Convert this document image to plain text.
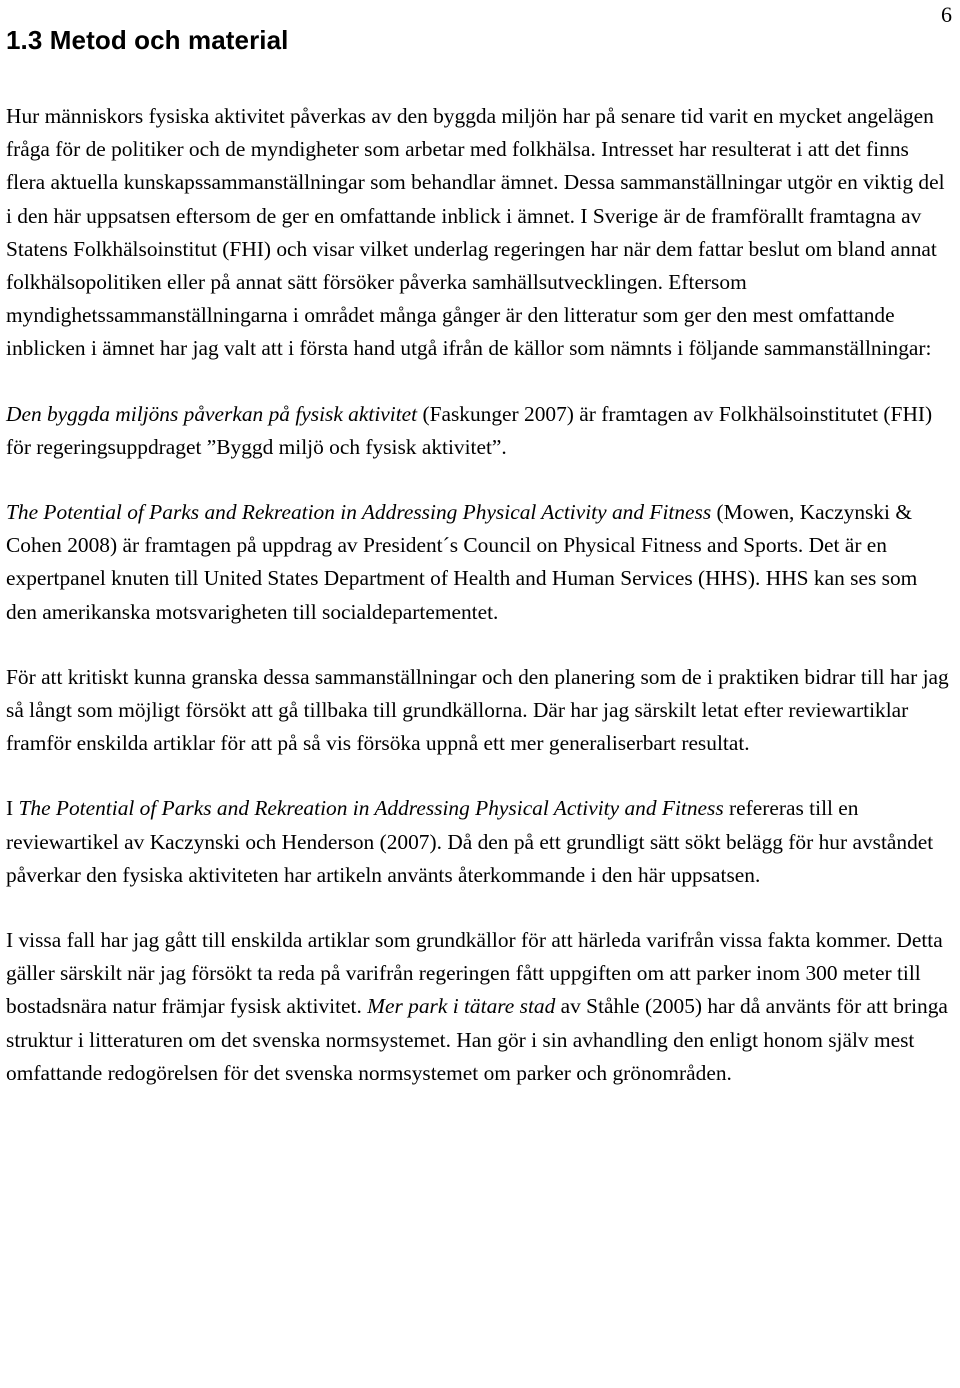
6
1.3 Metod och material

Hur människors fysiska aktivitet påverkas av den byggda miljön har på senare tid varit en mycket angelägen fråga för de politiker och de myndigheter som arbetar med folkhälsa. Intresset har resulterat i att det finns flera aktuella kunskapssammanställningar som behandlar ämnet. Dessa sammanställningar utgör en viktig del i den här uppsatsen eftersom de ger en omfattande inblick i ämnet. I Sverige är de framförallt framtagna av Statens Folkhälsoinstitut (FHI) och visar vilket underlag regeringen har när dem fattar beslut om bland annat folkhälsopolitiken eller på annat sätt försöker påverka samhällsutvecklingen. Eftersom myndighetssammanställningarna i området många gånger är den litteratur som ger den mest omfattande inblicken i ämnet har jag valt att i första hand utgå ifrån de källor som nämnts i följande sammanställningar:

Den byggda miljöns påverkan på fysisk aktivitet (Faskunger 2007) är framtagen av Folkhälsoinstitutet (FHI) för regeringsuppdraget ”Byggd miljö och fysisk aktivitet”.

The Potential of Parks and Rekreation in Addressing Physical Activity and Fitness (Mowen, Kaczynski & Cohen 2008) är framtagen på uppdrag av President´s Council on Physical Fitness and Sports. Det är en expertpanel knuten till United States Department of Health and Human Services (HHS). HHS kan ses som den amerikanska motsvarigheten till socialdepartementet.

För att kritiskt kunna granska dessa sammanställningar och den planering som de i praktiken bidrar till har jag så långt som möjligt försökt att gå tillbaka till grundkällorna. Där har jag särskilt letat efter reviewartiklar framför enskilda artiklar för att på så vis försöka uppnå ett mer generaliserbart resultat.

I The Potential of Parks and Rekreation in Addressing Physical Activity and Fitness refereras till en reviewartikel av Kaczynski och Henderson (2007). Då den på ett grundligt sätt sökt belägg för hur avståndet påverkar den fysiska aktiviteten har artikeln använts återkommande i den här uppsatsen.

I vissa fall har jag gått till enskilda artiklar som grundkällor för att härleda varifrån vissa fakta kommer. Detta gäller särskilt när jag försökt ta reda på varifrån regeringen fått uppgiften om att parker inom 300 meter till bostadsnära natur främjar fysisk aktivitet. Mer park i tätare stad av Ståhle (2005) har då använts för att bringa struktur i litteraturen om det svenska normsystemet. Han gör i sin avhandling den enligt honom själv mest omfattande redogörelsen för det svenska normsystemet om parker och grönområden.
